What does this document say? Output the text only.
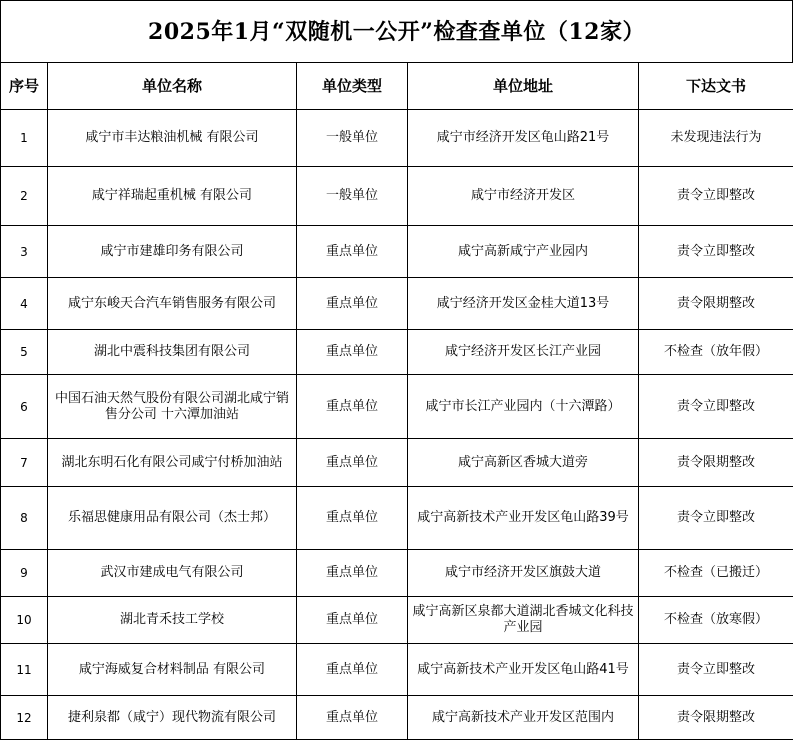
2025年1月“双随机一公开”检查查单位（12家）
序号	单位名称	单位类型	单位地址	下达文书
1	咸宁市丰达粮油机械 有限公司	一般单位	咸宁市经济开发区龟山路21号	未发现违法行为
2	咸宁祥瑞起重机械 有限公司	一般单位	咸宁市经济开发区	责令立即整改
3	咸宁市建雄印务有限公司	重点单位	咸宁高新咸宁产业园内	责令立即整改
4	咸宁东峻天合汽车销售服务有限公司	重点单位	咸宁经济开发区金桂大道13号	责令限期整改
5	湖北中震科技集团有限公司	重点单位	咸宁经济开发区长江产业园	不检查（放年假）
6	中国石油天然气股份有限公司湖北咸宁销售分公司 十六潭加油站	重点单位	咸宁市长江产业园内（十六潭路）	责令立即整改
7	湖北东明石化有限公司咸宁付桥加油站	重点单位	咸宁高新区香城大道旁	责令限期整改
8	乐福思健康用品有限公司（杰士邦）	重点单位	咸宁高新技术产业开发区龟山路39号	责令立即整改
9	武汉市建成电气有限公司	重点单位	咸宁市经济开发区旗鼓大道	不检查（已搬迁）
10	湖北青禾技工学校	重点单位	咸宁高新区泉都大道湖北香城文化科技产业园	不检查（放寒假）
11	咸宁海威复合材料制品 有限公司	重点单位	咸宁高新技术产业开发区龟山路41号	责令立即整改
12	捷利泉都（咸宁）现代物流有限公司	重点单位	咸宁高新技术产业开发区范围内	责令限期整改
